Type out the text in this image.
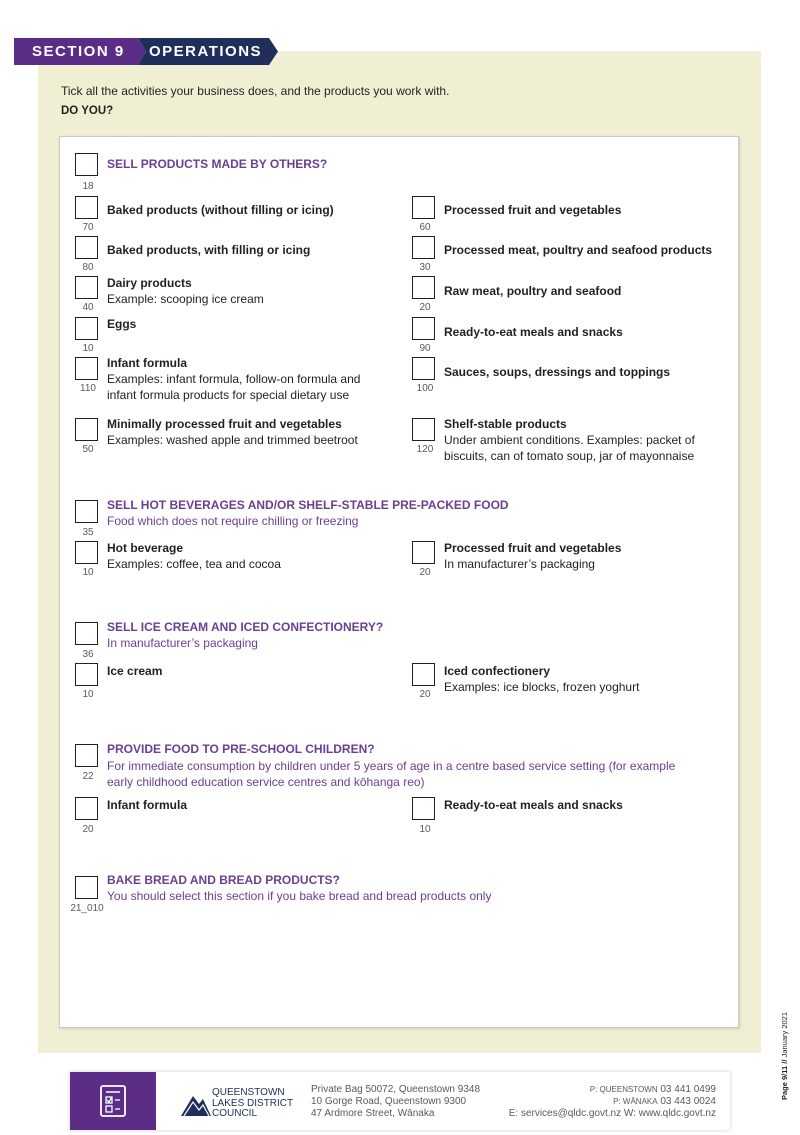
SECTION 9 OPERATIONS
Tick all the activities your business does, and the products you work with.
DO YOU?
18
SELL PRODUCTS MADE BY OTHERS?
70
Baked products (without filling or icing)
60
Processed fruit and vegetables
80
Baked products, with filling or icing
30
Processed meat, poultry and seafood products
40
Dairy products
Example: scooping ice cream
20
Raw meat, poultry and seafood
10
Eggs
90
Ready-to-eat meals and snacks
110
Infant formula
Examples: infant formula, follow-on formula and
infant formula products for special dietary use	100
Sauces, soups, dressings and toppings
50
Minimally processed fruit and vegetables
Examples: washed apple and trimmed beetroot
120
Shelf-stable products
Under ambient conditions. Examples: packet of
biscuits, can of tomato soup, jar of mayonnaise
35
SELL HOT BEVERAGES AND/OR SHELF-STABLE PRE-PACKED FOOD
Food which does not require chilling or freezing
10
Hot beverage
Examples: coffee, tea and cocoa
20
Processed fruit and vegetables
In manufacturer’s packaging
36
SELL ICE CREAM AND ICED CONFECTIONERY?
In manufacturer’s packaging
10
Ice cream
20
Iced confectionery
Examples: ice blocks, frozen yoghurt
22
PROVIDE FOOD TO PRE-SCHOOL CHILDREN?
For immediate consumption by children under 5 years of age in a centre based service setting (for example
early childhood education service centres and kōhanga reo)
20
Infant formula
10
Ready-to-eat meals and snacks
21_010
BAKE BREAD AND BREAD PRODUCTS?
You should select this section if you bake bread and bread products only
QUEENSTOWN
LAKES DISTRICT
COUNCIL
Private Bag 50072, Queenstown 9348
10 Gorge Road, Queenstown 9300
47 Ardmore Street, Wānaka
P: QUEENSTOWN 03 441 0499
P: WĀNAKA 03 443 0024
E: services@qldc.govt.nz W: www.qldc.govt.nz
Page 9/11 // January 2021
